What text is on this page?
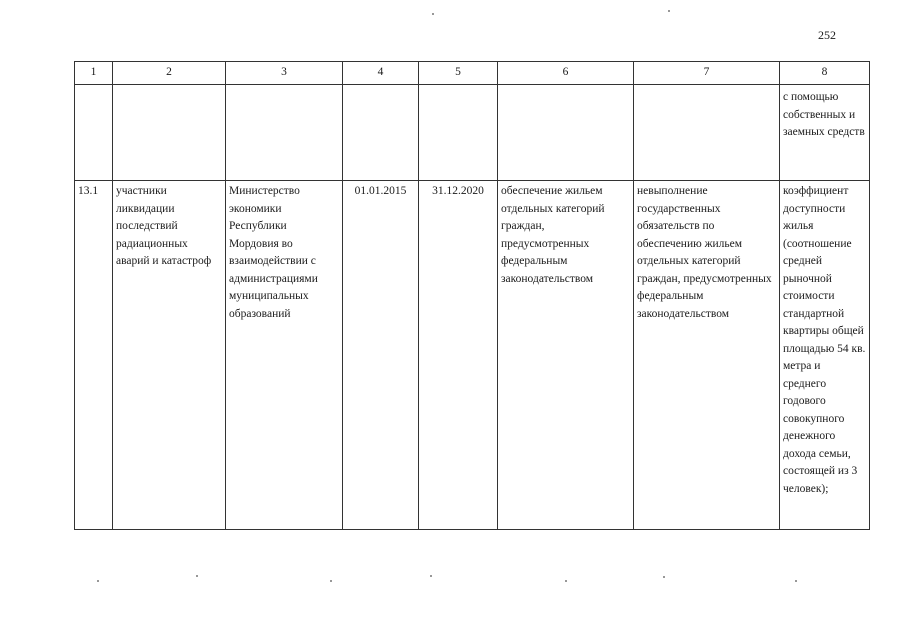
252
1	2	3	4	5	6	7	8
							с помощью собственных и заемных средств
13.1	участники ликвидации последствий радиационных аварий и катастроф	Министерство экономики Республики Мордовия во взаимодействии с администрациями муниципальных образований	01.01.2015	31.12.2020	обеспечение жильем отдельных категорий граждан, предусмотренных федеральным законодательством	невыполнение государственных обязательств по обеспечению жильем отдельных категорий граждан, предусмотренных федеральным законодательством	коэффициент доступности жилья (соотношение средней рыночной стоимости стандартной квартиры общей площадью 54 кв. метра и среднего годового совокупного денежного дохода семьи, состоящей из 3 человек);
